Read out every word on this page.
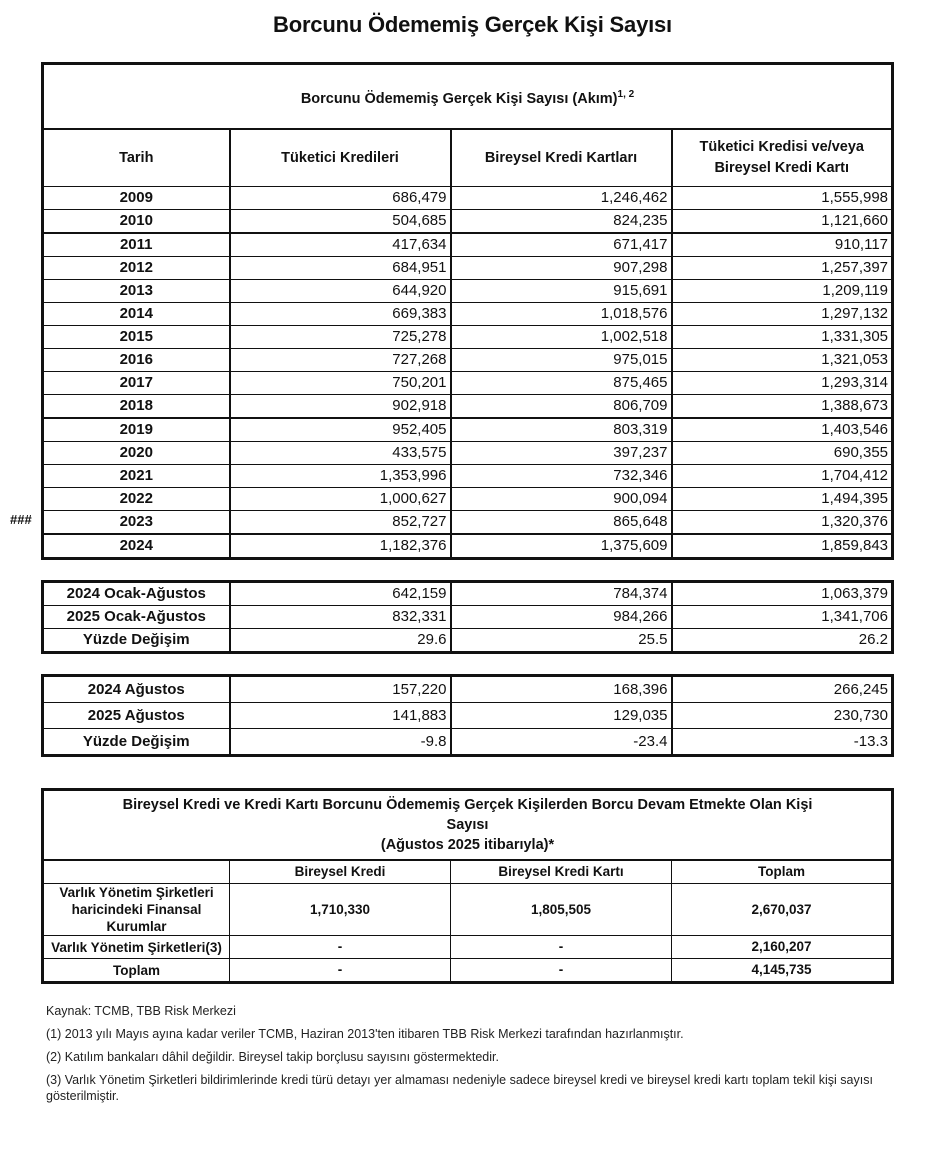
Borcunu Ödememiş Gerçek Kişi Sayısı
###
Borcunu Ödememiş Gerçek Kişi Sayısı (Akım)$^{1, 2}$
Tarih	Tüketici Kredileri	Bireysel Kredi Kartları	Tüketici Kredisi ve/veya Bireysel Kredi Kartı
2009	686,479	1,246,462	1,555,998
2010	504,685	824,235	1,121,660
2011	417,634	671,417	910,117
2012	684,951	907,298	1,257,397
2013	644,920	915,691	1,209,119
2014	669,383	1,018,576	1,297,132
2015	725,278	1,002,518	1,331,305
2016	727,268	975,015	1,321,053
2017	750,201	875,465	1,293,314
2018	902,918	806,709	1,388,673
2019	952,405	803,319	1,403,546
2020	433,575	397,237	690,355
2021	1,353,996	732,346	1,704,412
2022	1,000,627	900,094	1,494,395
2023	852,727	865,648	1,320,376
2024	1,182,376	1,375,609	1,859,843
2024 Ocak-Ağustos	642,159	784,374	1,063,379
2025 Ocak-Ağustos	832,331	984,266	1,341,706
Yüzde Değişim	29.6	25.5	26.2
2024 Ağustos	157,220	168,396	266,245
2025 Ağustos	141,883	129,035	230,730
Yüzde Değişim	-9.8	-23.4	-13.3
Bireysel Kredi ve Kredi Kartı Borcunu Ödememiş Gerçek Kişilerden Borcu Devam Etmekte Olan Kişi
Sayısı
(Ağustos 2025 itibarıyla)*			

	Bireysel Kredi	Bireysel Kredi Kartı	Toplam
Varlık Yönetim Şirketleri haricindeki Finansal Kurumlar	1,710,330	1,805,505	2,670,037
Varlık Yönetim Şirketleri(3)	-	-	2,160,207
Toplam	-	-	4,145,735
Kaynak: TCMB, TBB Risk Merkezi
(1) 2013 yılı Mayıs ayına kadar veriler TCMB, Haziran 2013'ten itibaren TBB Risk Merkezi tarafından hazırlanmıştır.
(2) Katılım bankaları dâhil değildir. Bireysel takip borçlusu sayısını göstermektedir.
(3) Varlık Yönetim Şirketleri bildirimlerinde kredi türü detayı yer almaması nedeniyle sadece bireysel kredi ve bireysel kredi kartı toplam tekil kişi sayısı gösterilmiştir.
